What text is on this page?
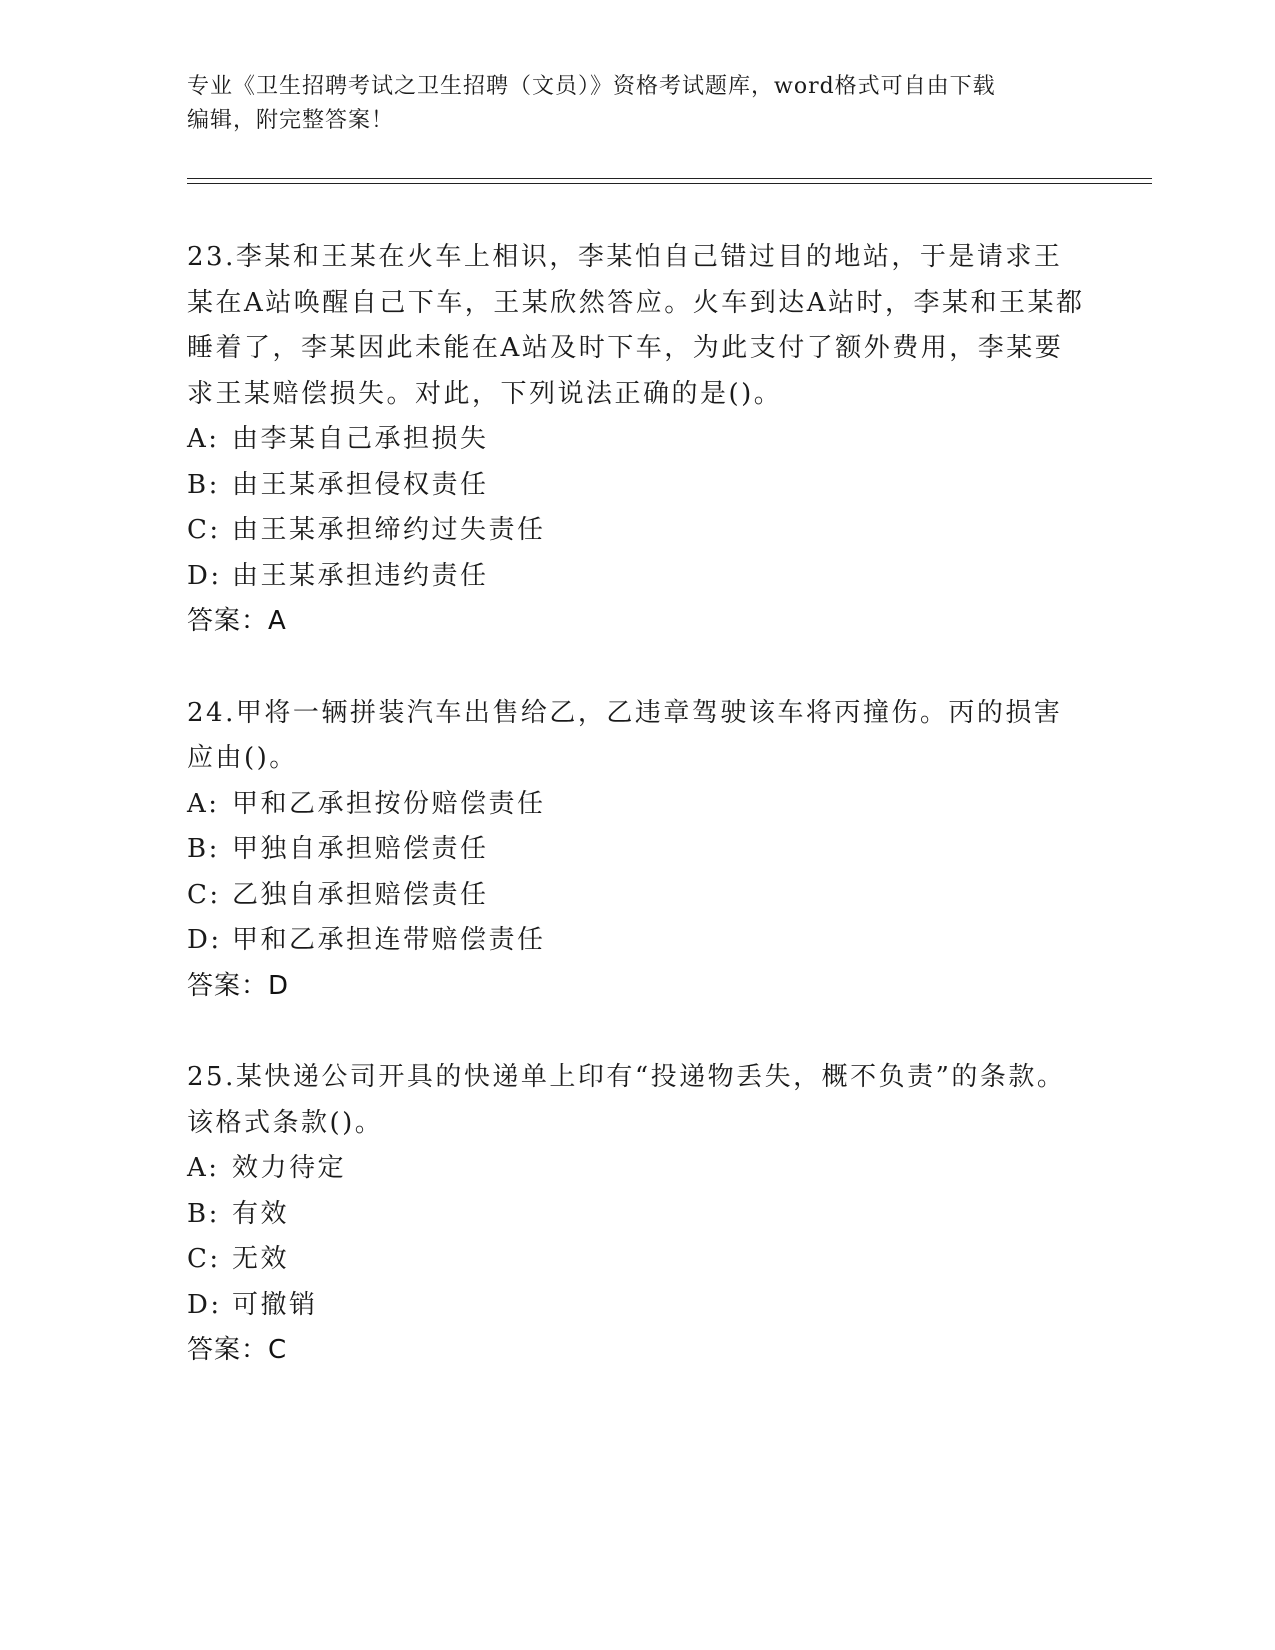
专业《卫生招聘考试之卫生招聘（文员）》资格考试题库，word格式可自由下载
编辑，附完整答案！

23.李某和王某在火车上相识，李某怕自己错过目的地站，于是请求王某在A站唤醒自己下车，王某欣然答应。火车到达A站时，李某和王某都睡着了，李某因此未能在A站及时下车，为此支付了额外费用，李某要求王某赔偿损失。对此，下列说法正确的是()。

A: 由李某自己承担损失

B: 由王某承担侵权责任

C: 由王某承担缔约过失责任

D: 由王某承担违约责任

答案：A

24.甲将一辆拼装汽车出售给乙，乙违章驾驶该车将丙撞伤。丙的损害应由()。

A: 甲和乙承担按份赔偿责任

B: 甲独自承担赔偿责任

C: 乙独自承担赔偿责任

D: 甲和乙承担连带赔偿责任

答案：D

25.某快递公司开具的快递单上印有“投递物丢失，概不负责”的条款。该格式条款()。

A: 效力待定

B: 有效

C: 无效

D: 可撤销

答案：C
